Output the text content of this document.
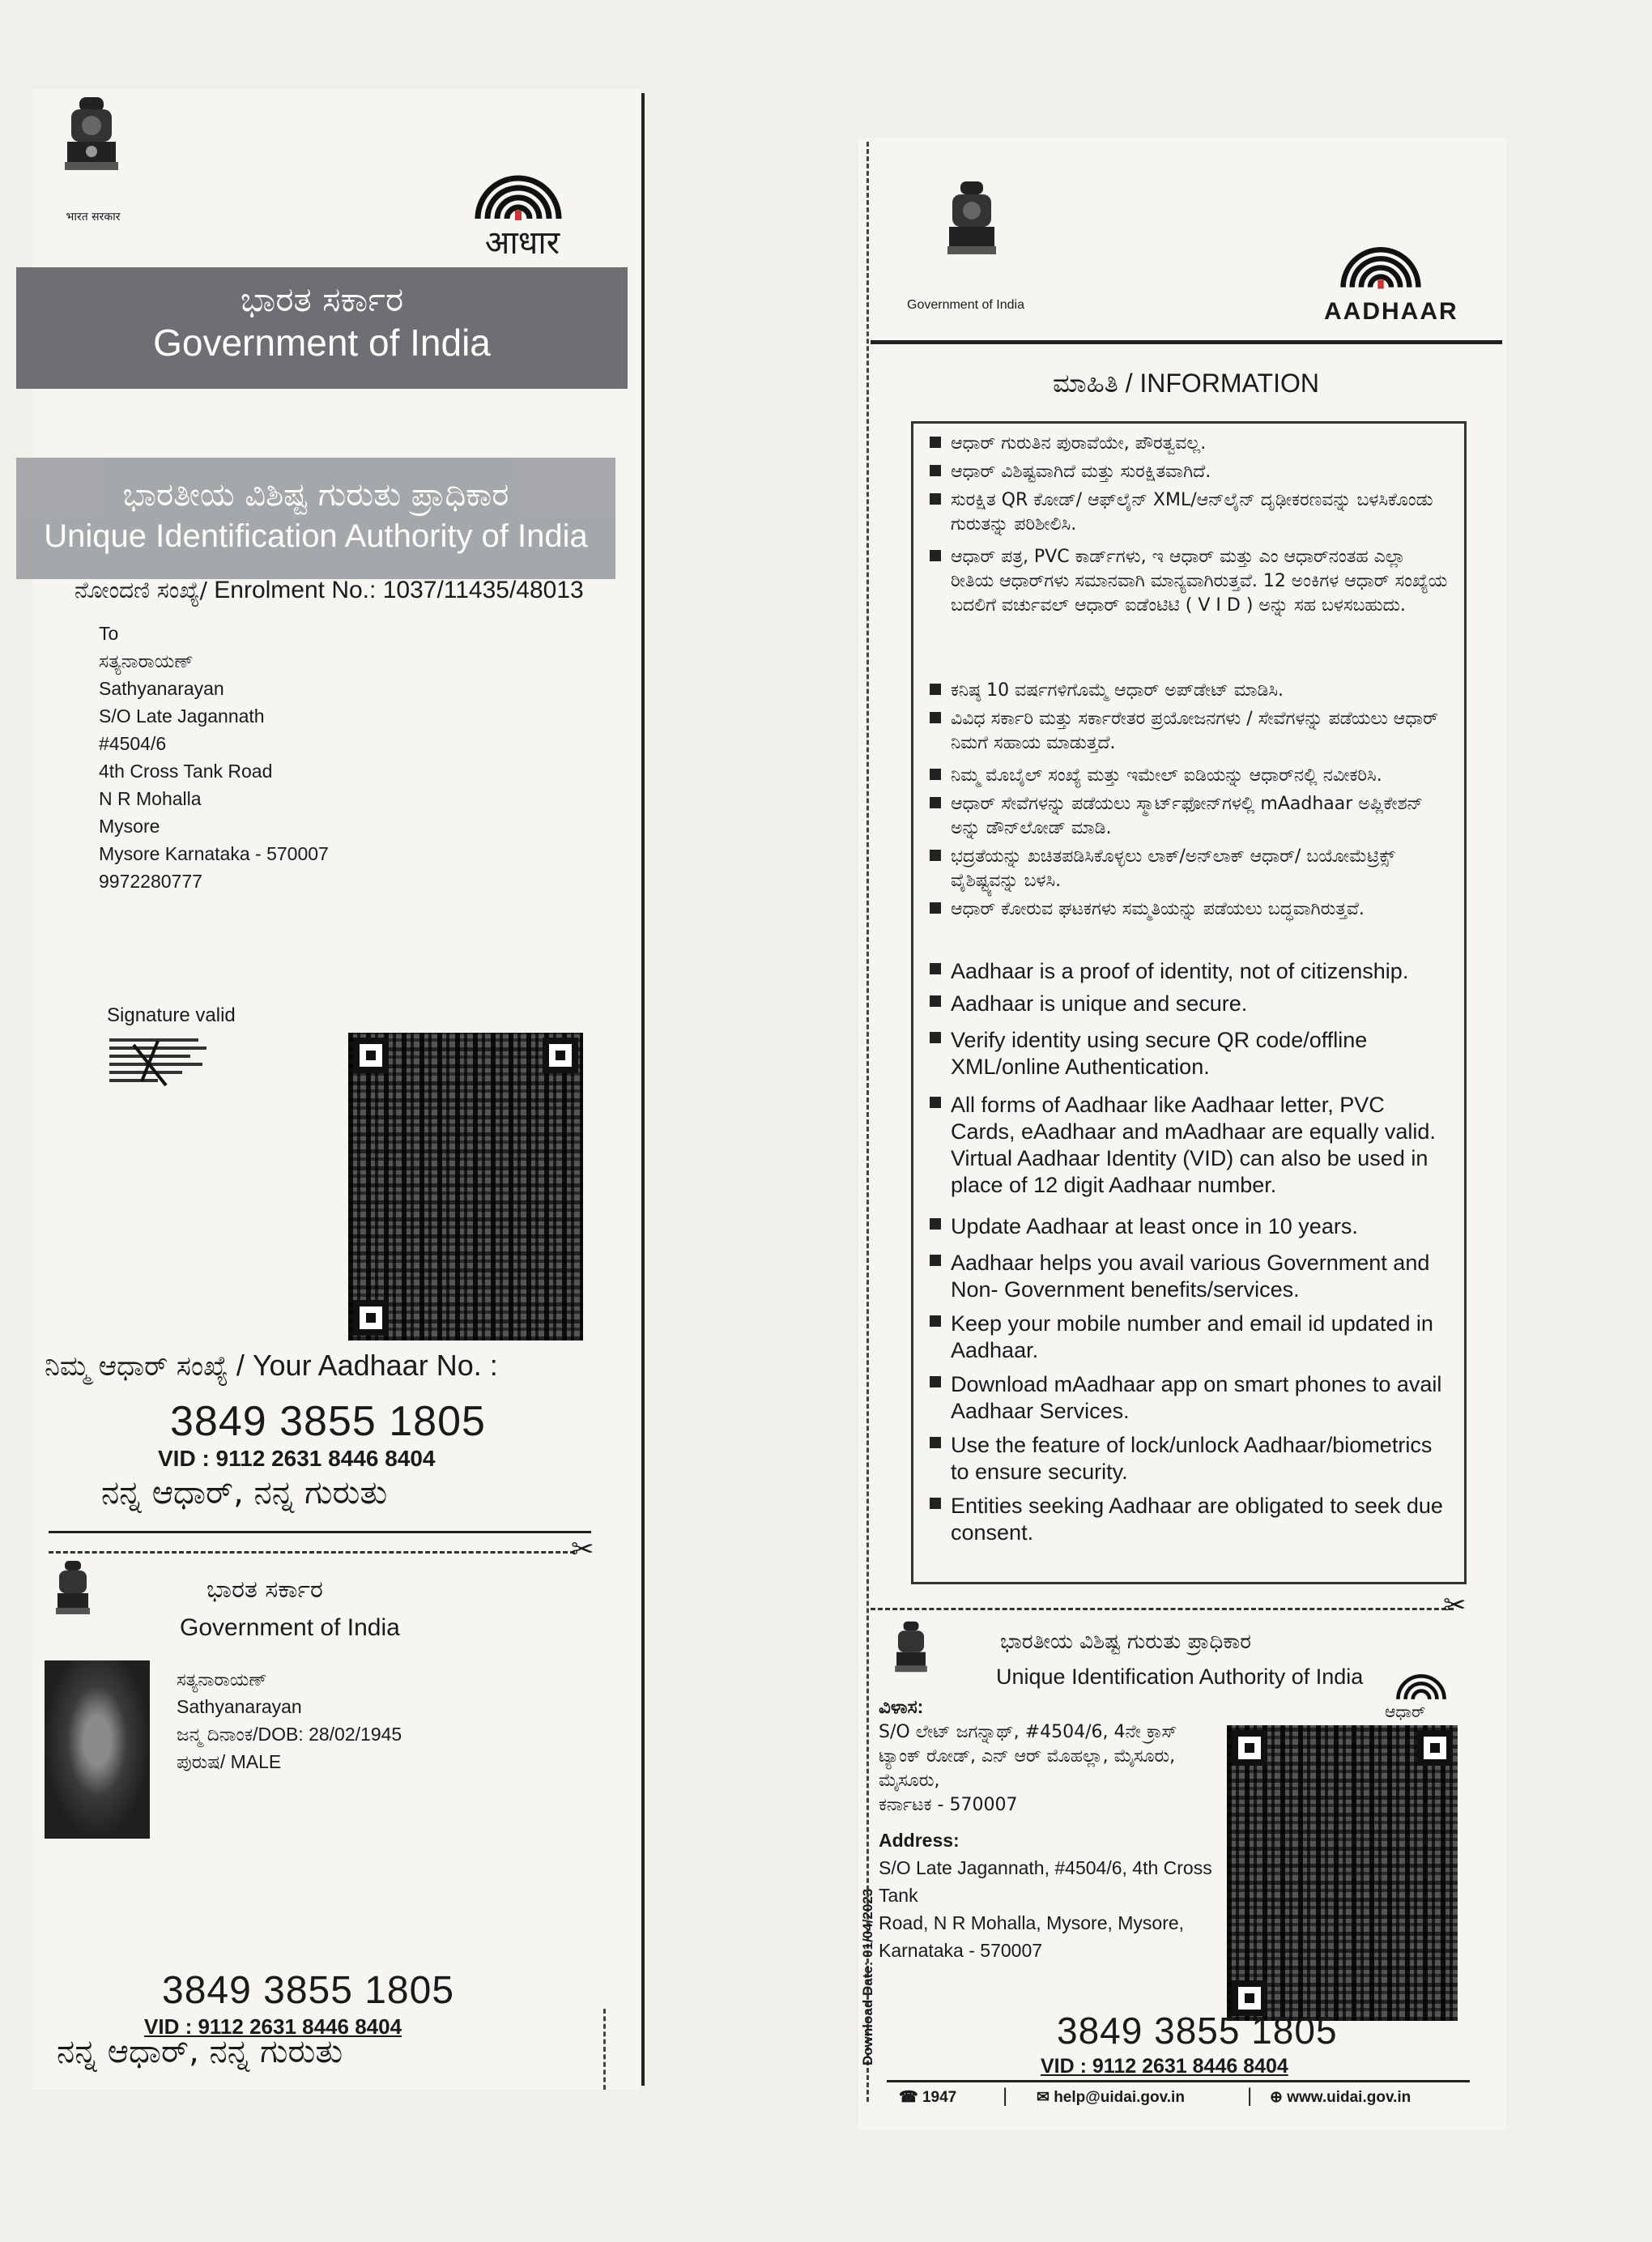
भारत सरकार
आधार
ಭಾರತ ಸರ್ಕಾರ
Government of India
ಭಾರತೀಯ ವಿಶಿಷ್ಟ ಗುರುತು ಪ್ರಾಧಿಕಾರ
Unique Identification Authority of India
ನೋಂದಣಿ ಸಂಖ್ಯೆ/ Enrolment No.: 1037/11435/48013
To
ಸತ್ಯನಾರಾಯಣ್
Sathyanarayan
S/O Late Jagannath
#4504/6
4th Cross Tank Road
N R Mohalla
Mysore
Mysore Karnataka - 570007
9972280777
Signature valid
ನಿಮ್ಮ ಆಧಾರ್ ಸಂಖ್ಯೆ / Your Aadhaar No. :
3849 3855 1805
VID : 9112 2631 8446 8404
ನನ್ನ ಆಧಾರ್, ನನ್ನ ಗುರುತು
✂
ಭಾರತ ಸರ್ಕಾರ
Government of India
ಸತ್ಯನಾರಾಯಣ್
Sathyanarayan
ಜನ್ಮ ದಿನಾಂಕ/DOB: 28/02/1945
ಪುರುಷ/ MALE
3849 3855 1805
VID : 9112 2631 8446 8404
ನನ್ನ ಆಧಾರ್, ನನ್ನ ಗುರುತು
Government of India	AADHAAR
ಮಾಹಿತಿ / INFORMATION
ಆಧಾರ್ ಗುರುತಿನ ಪುರಾವೆಯೇ, ಪೌರತ್ವವಲ್ಲ.
ಆಧಾರ್ ವಿಶಿಷ್ಟವಾಗಿದೆ ಮತ್ತು ಸುರಕ್ಷಿತವಾಗಿದೆ.
ಸುರಕ್ಷಿತ QR ಕೋಡ್/ ಆಫ್‌ಲೈನ್ XML/ಆನ್‌ಲೈನ್ ದೃಢೀಕರಣವನ್ನು ಬಳಸಿಕೊಂಡು ಗುರುತನ್ನು ಪರಿಶೀಲಿಸಿ.
ಆಧಾರ್ ಪತ್ರ, PVC ಕಾರ್ಡ್‌ಗಳು, ಇ ಆಧಾರ್ ಮತ್ತು ಎಂ ಆಧಾರ್‌ನಂತಹ ಎಲ್ಲಾ ರೀತಿಯ ಆಧಾರ್‌ಗಳು ಸಮಾನವಾಗಿ ಮಾನ್ಯವಾಗಿರುತ್ತವೆ. 12 ಅಂಕಿಗಳ ಆಧಾರ್ ಸಂಖ್ಯೆಯ ಬದಲಿಗೆ ವರ್ಚುವಲ್ ಆಧಾರ್ ಐಡೆಂಟಿಟಿ ( V I D ) ಅನ್ನು ಸಹ ಬಳಸಬಹುದು.
ಕನಿಷ್ಠ 10 ವರ್ಷಗಳಿಗೊಮ್ಮೆ ಆಧಾರ್ ಅಪ್‌ಡೇಟ್ ಮಾಡಿಸಿ.
ವಿವಿಧ ಸರ್ಕಾರಿ ಮತ್ತು ಸರ್ಕಾರೇತರ ಪ್ರಯೋಜನಗಳು / ಸೇವೆಗಳನ್ನು ಪಡೆಯಲು ಆಧಾರ್ ನಿಮಗೆ ಸಹಾಯ ಮಾಡುತ್ತದೆ.
ನಿಮ್ಮ ಮೊಬೈಲ್ ಸಂಖ್ಯೆ ಮತ್ತು ಇಮೇಲ್ ಐಡಿಯನ್ನು ಆಧಾರ್‌ನಲ್ಲಿ ನವೀಕರಿಸಿ.
ಆಧಾರ್ ಸೇವೆಗಳನ್ನು ಪಡೆಯಲು ಸ್ಮಾರ್ಟ್‌ಫೋನ್‌ಗಳಲ್ಲಿ mAadhaar ಅಪ್ಲಿಕೇಶನ್ ಅನ್ನು ಡೌನ್‌ಲೋಡ್ ಮಾಡಿ.
ಭದ್ರತೆಯನ್ನು ಖಚಿತಪಡಿಸಿಕೊಳ್ಳಲು ಲಾಕ್/ಅನ್‌ಲಾಕ್ ಆಧಾರ್/ ಬಯೋಮೆಟ್ರಿಕ್ಸ್ ವೈಶಿಷ್ಟ್ಯವನ್ನು ಬಳಸಿ.
ಆಧಾರ್ ಕೋರುವ ಘಟಕಗಳು ಸಮ್ಮತಿಯನ್ನು ಪಡೆಯಲು ಬದ್ಧವಾಗಿರುತ್ತವೆ.
Aadhaar is a proof of identity, not of citizenship.
Aadhaar is unique and secure.
Verify identity using secure QR code/offline XML/online Authentication.
All forms of Aadhaar like Aadhaar letter, PVC Cards, eAadhaar and mAadhaar are equally valid. Virtual Aadhaar Identity (VID) can also be used in place of 12 digit Aadhaar number.
Update Aadhaar at least once in 10 years.
Aadhaar helps you avail various Government and Non- Government benefits/services.
Keep your mobile number and email id updated in Aadhaar.
Download mAadhaar app on smart phones to avail Aadhaar Services.
Use the feature of lock/unlock Aadhaar/biometrics to ensure security.
Entities seeking Aadhaar are obligated to seek due consent.
✂
ಭಾರತೀಯ ವಿಶಿಷ್ಟ ಗುರುತು ಪ್ರಾಧಿಕಾರ
Unique Identification Authority of India
ಆಧಾರ್
Download Date: 01/04/2023
ವಿಳಾಸ:
S/O ಲೇಟ್ ಜಗನ್ನಾಥ್, #4504/6, 4ನೇ ಕ್ರಾಸ್
ಟ್ಯಾಂಕ್ ರೋಡ್, ಎನ್ ಆರ್ ಮೊಹಲ್ಲಾ, ಮೈಸೂರು,
ಮೈಸೂರು,
ಕರ್ನಾಟಕ - 570007
Address:
S/O Late Jagannath, #4504/6, 4th Cross Tank
Road, N R Mohalla, Mysore, Mysore,
Karnataka - 570007
3849 3855 1805
VID : 9112 2631 8446 8404
☎ 1947 | ✉ help@uidai.gov.in	| ⊕ www.uidai.gov.in
